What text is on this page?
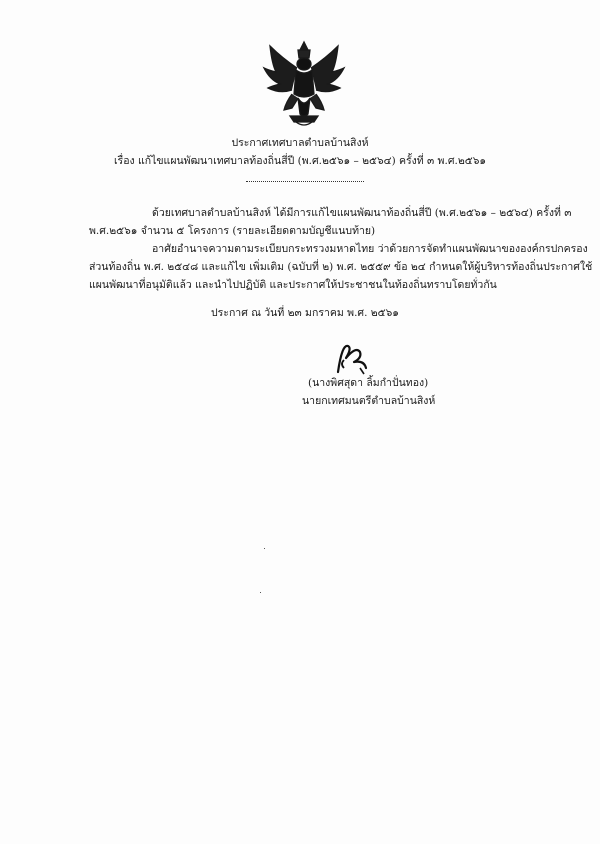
ประกาศเทศบาลตำบลบ้านสิงห์
เรื่อง แก้ไขแผนพัฒนาเทศบาลท้องถิ่นสี่ปี (พ.ศ.๒๕๖๑ – ๒๕๖๔) ครั้งที่ ๓ พ.ศ.๒๕๖๑
ด้วยเทศบาลตำบลบ้านสิงห์ ได้มีการแก้ไขแผนพัฒนาท้องถิ่นสี่ปี (พ.ศ.๒๕๖๑ – ๒๕๖๔) ครั้งที่ ๓
พ.ศ.๒๕๖๑ จำนวน ๕ โครงการ (รายละเอียดตามบัญชีแนบท้าย)
อาศัยอำนาจความตามระเบียบกระทรวงมหาดไทย ว่าด้วยการจัดทำแผนพัฒนาขององค์กรปกครอง
ส่วนท้องถิ่น พ.ศ. ๒๕๔๘ และแก้ไข เพิ่มเติม (ฉบับที่ ๒) พ.ศ. ๒๕๕๙ ข้อ ๒๔ กำหนดให้ผู้บริหารท้องถิ่นประกาศใช้
แผนพัฒนาที่อนุมัติแล้ว และนำไปปฏิบัติ และประกาศให้ประชาชนในท้องถิ่นทราบโดยทั่วกัน
ประกาศ ณ วันที่ ๒๓ มกราคม พ.ศ. ๒๕๖๑
(นางพิศสุดา ลิ้มกำปั่นทอง)
นายกเทศมนตรีตำบลบ้านสิงห์
